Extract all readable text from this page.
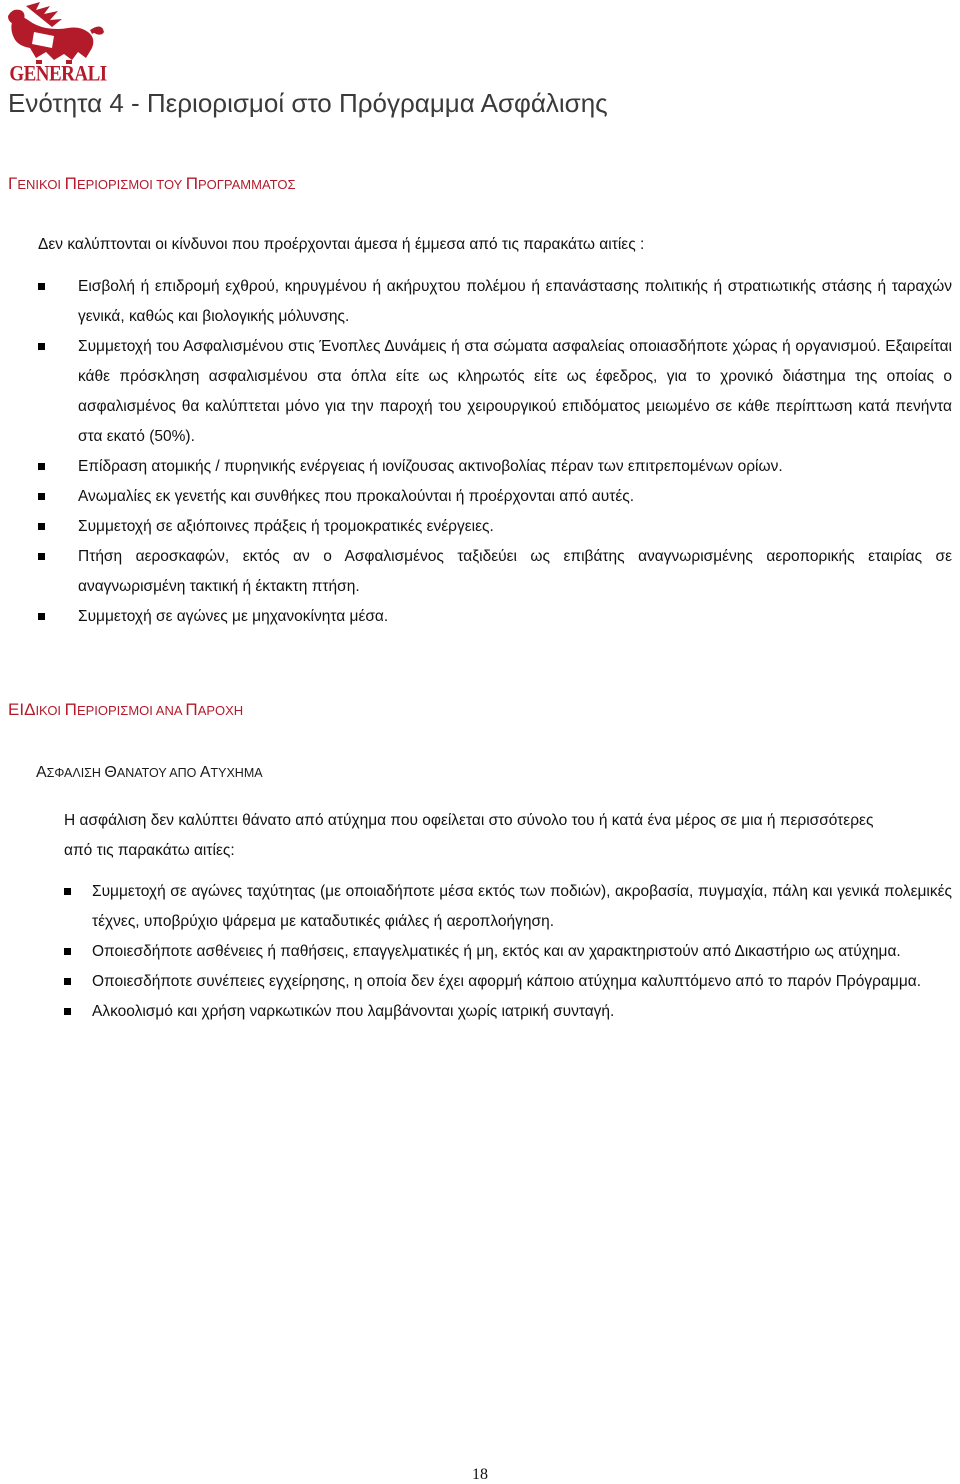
GENERALI
Ενότητα 4 - Περιορισμοί στο Πρόγραμμα Ασφάλισης
ΓΕΝΙΚΟΙ ΠΕΡΙΟΡΙΣΜΟΙ ΤΟΥ ΠΡΟΓΡΑΜΜΑΤΟΣ
Δεν καλύπτονται οι κίνδυνοι που προέρχονται άμεσα ή έμμεσα από τις παρακάτω αιτίες :
Εισβολή ή επιδρομή εχθρού, κηρυγμένου ή ακήρυχτου πολέμου ή επανάστασης πολιτικής ή στρατιωτικής στάσης ή ταραχών γενικά, καθώς και βιολογικής μόλυνσης.
Συμμετοχή του Ασφαλισμένου στις Ένοπλες Δυνάμεις ή στα σώματα ασφαλείας οποιασδήποτε χώρας ή οργανισμού. Εξαιρείται κάθε πρόσκληση ασφαλισμένου στα όπλα είτε ως κληρωτός είτε ως έφεδρος, για το χρονικό διάστημα της οποίας ο ασφαλισμένος θα καλύπτεται μόνο για την παροχή του χειρουργικού επιδόματος μειωμένο σε κάθε περίπτωση κατά πενήντα στα εκατό (50%).
Επίδραση ατομικής / πυρηνικής ενέργειας ή ιονίζουσας ακτινοβολίας πέραν των επιτρεπομένων ορίων.
Ανωμαλίες εκ γενετής και συνθήκες που προκαλούνται ή προέρχονται από αυτές.
Συμμετοχή σε αξιόποινες πράξεις ή τρομοκρατικές ενέργειες.
Πτήση αεροσκαφών, εκτός αν ο Ασφαλισμένος ταξιδεύει ως επιβάτης αναγνωρισμένης αεροπορικής εταιρίας σε αναγνωρισμένη τακτική ή έκτακτη πτήση.
Συμμετοχή σε αγώνες με μηχανοκίνητα μέσα.
ΕΙΔΙΚΟΙ ΠΕΡΙΟΡΙΣΜΟΙ ΑΝΑ ΠΑΡΟΧΗ
ΑΣΦΑΛΙΣΗ ΘΑΝΑΤΟΥ ΑΠΟ ΑΤΥΧΗΜΑ
Η ασφάλιση δεν καλύπτει θάνατο από ατύχημα που οφείλεται στο σύνολο του ή κατά ένα μέρος σε μια ή περισσότερες από τις παρακάτω αιτίες:
Συμμετοχή σε αγώνες ταχύτητας (με οποιαδήποτε μέσα εκτός των ποδιών), ακροβασία, πυγμαχία, πάλη και γενικά πολεμικές τέχνες, υποβρύχιο ψάρεμα με καταδυτικές φιάλες ή αεροπλοήγηση.
Οποιεσδήποτε ασθένειες ή παθήσεις, επαγγελματικές ή μη, εκτός και αν χαρακτηριστούν από Δικαστήριο ως ατύχημα.
Οποιεσδήποτε συνέπειες εγχείρησης, η οποία δεν έχει αφορμή κάποιο ατύχημα καλυπτόμενο από το παρόν Πρόγραμμα.
Αλκοολισμό και χρήση ναρκωτικών που λαμβάνονται χωρίς ιατρική συνταγή.
18
